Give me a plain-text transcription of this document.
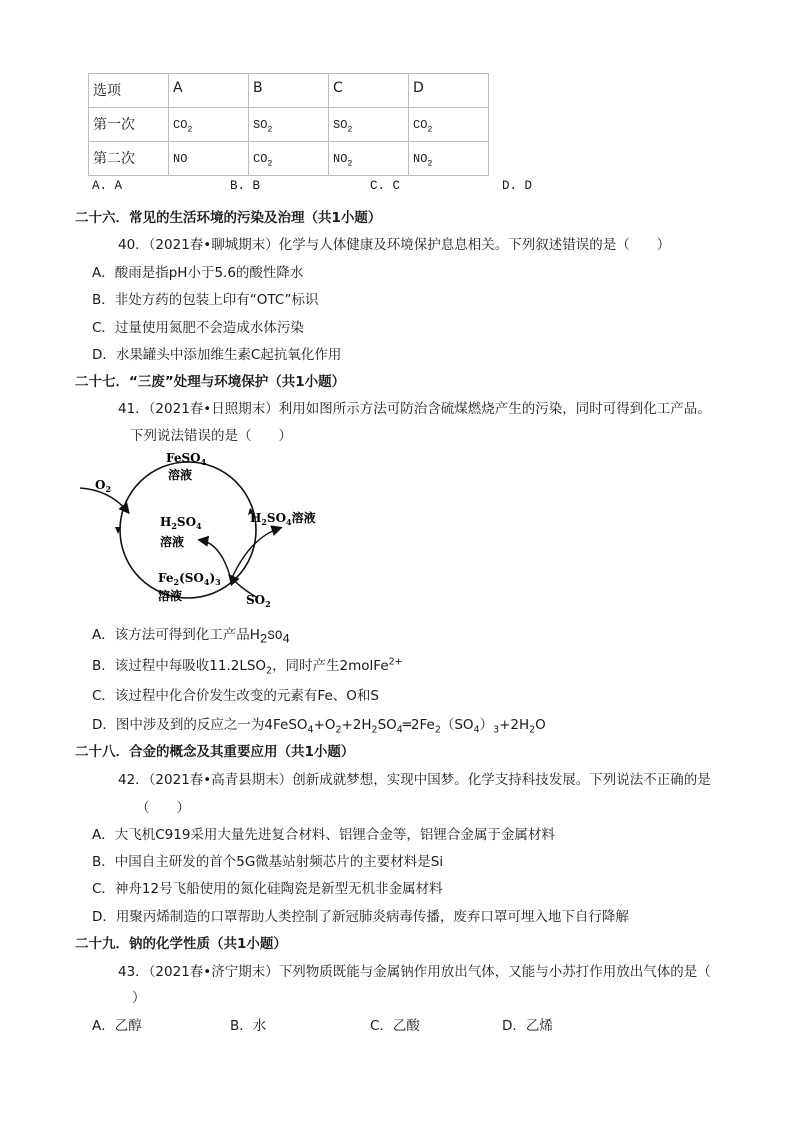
选项	A	B	C	D
第一次	$CO_2$	$SO_2$	$SO_2$	$CO_2$
第二次	NO	$CO_2$	$NO_2$	$NO_2$
A. A	B. B	C. C	D. D
二十六．常见的生活环境的污染及治理（共1小题）
40．（2021春•聊城期末）化学与人体健康及环境保护息息相关。下列叙述错误的是（　　）
A．酸雨是指pH小于5.6的酸性降水
B．非处方药的包装上印有“OTC”标识
C．过量使用氮肥不会造成水体污染
D．水果罐头中添加维生素C起抗氧化作用
二十七．“三废”处理与环境保护（共1小题）
41．（2021春•日照期末）利用如图所示方法可防治含硫煤燃烧产生的污染，同时可得到化工产品。
下列说法错误的是（　　）
FeSO$_4$
溶液
$O_2$
$H_2SO_4$
溶液
$H_2SO_4$溶液
$Fe_2(SO_4)_3$
溶液	$SO_2$
A．该方法可得到化工产品$H_2SO_4$
B．该过程中每吸收$11.2LSO_2$，同时产生2molFe$^{2+}$
C．该过程中化合价发生改变的元素有Fe、O和S
D．图中涉及到的反应之一为$4FeSO_4+O_2+2H_2SO_4═2Fe_2(SO_4)_3+2H_2O$
二十八．合金的概念及其重要应用（共1小题）
42．（2021春•高青县期末）创新成就梦想，实现中国梦。化学支持科技发展。下列说法不正确的是
（　　）
A．大飞机C919采用大量先进复合材料、铝锂合金等，铝锂合金属于金属材料
B．中国自主研发的首个5G微基站射频芯片的主要材料是Si
C．神舟12号飞船使用的氮化硅陶瓷是新型无机非金属材料
D．用聚丙烯制造的口罩帮助人类控制了新冠肺炎病毒传播，废弃口罩可埋入地下自行降解
二十九．钠的化学性质（共1小题）
43．（2021春•济宁期末）下列物质既能与金属钠作用放出气体，又能与小苏打作用放出气体的是（
）
A．乙醇	B．水	C．乙酸	D．乙烯
